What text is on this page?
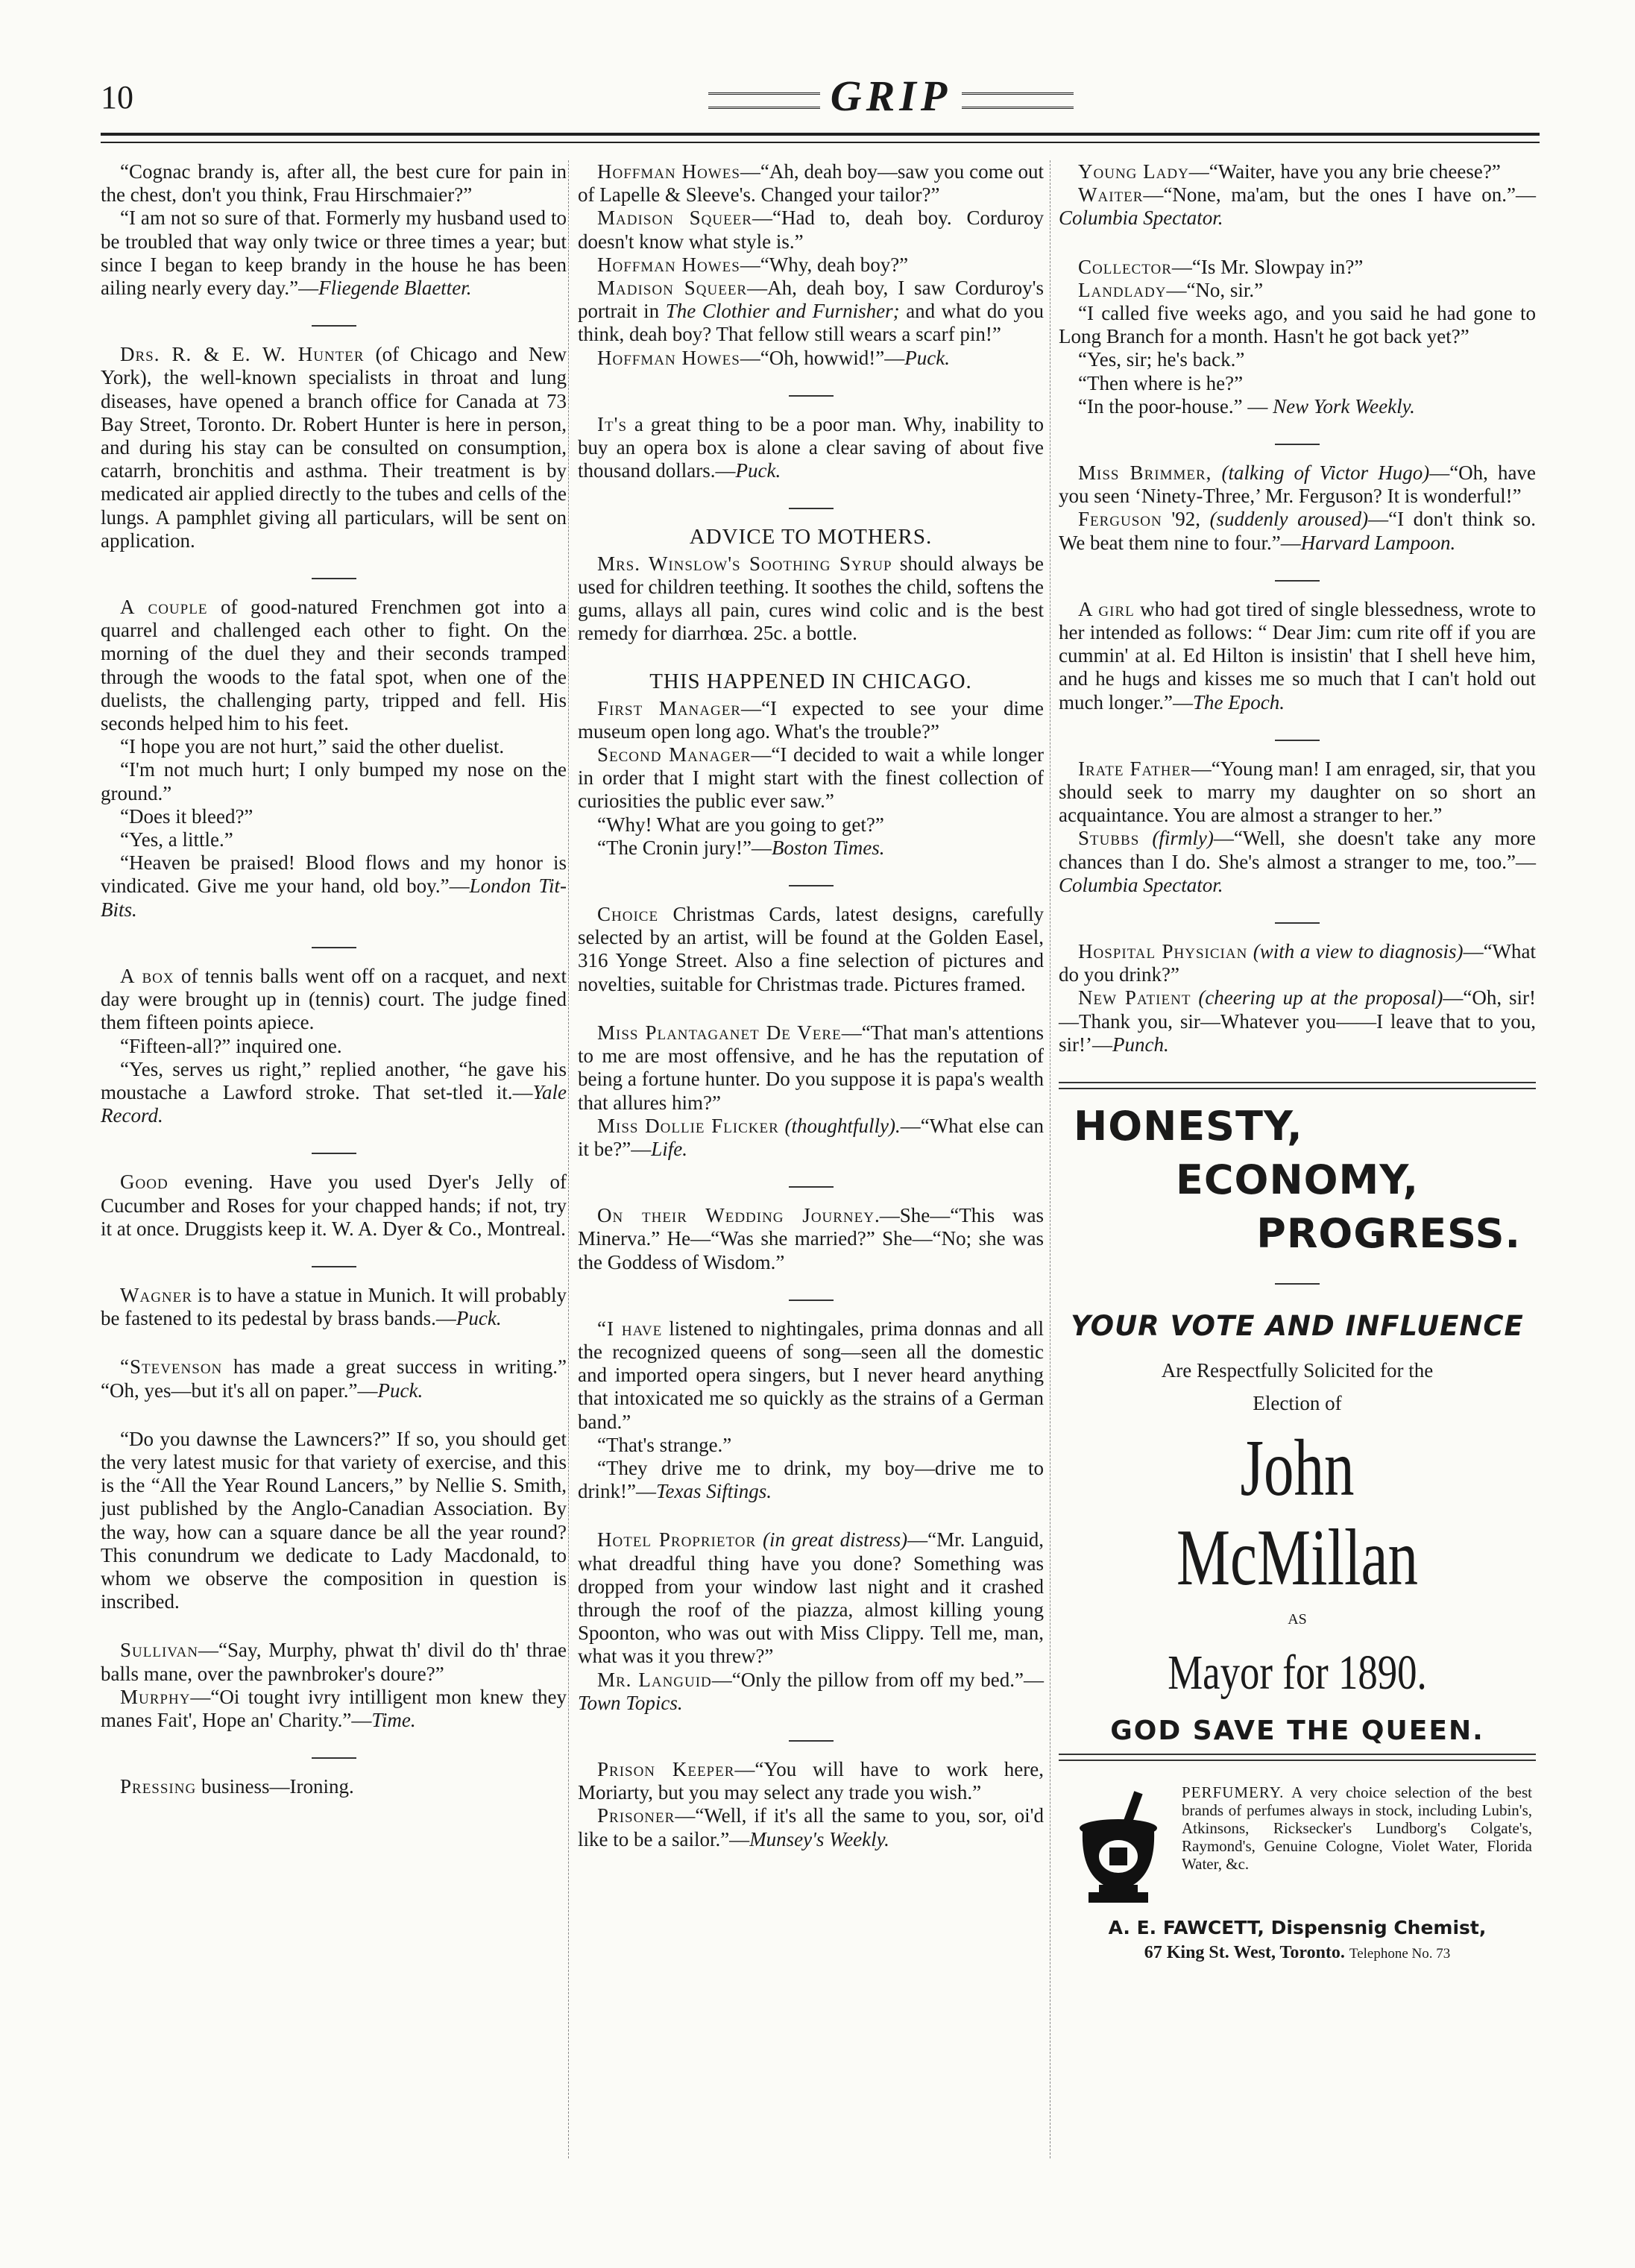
10	GRIP

“Cognac brandy is, after all, the best cure for pain in the chest, don't you think, Frau Hirschmaier?”

“I am not so sure of that. Formerly my husband used to be troubled that way only twice or three times a year; but since I began to keep brandy in the house he has been ailing nearly every day.”—Fliegende Blaetter.

Drs. R. & E. W. Hunter (of Chicago and New York), the well-known specialists in throat and lung diseases, have opened a branch office for Canada at 73 Bay Street, Toronto. Dr. Robert Hunter is here in person, and during his stay can be consulted on consumption, catarrh, bronchitis and asthma. Their treatment is by medicated air applied directly to the tubes and cells of the lungs. A pamphlet giving all particulars, will be sent on application.

A couple of good-natured Frenchmen got into a quarrel and challenged each other to fight. On the morning of the duel they and their seconds tramped through the woods to the fatal spot, when one of the duelists, the challenging party, tripped and fell. His seconds helped him to his feet.

“I hope you are not hurt,” said the other duelist.

“I'm not much hurt; I only bumped my nose on the ground.”

“Does it bleed?”

“Yes, a little.”

“Heaven be praised! Blood flows and my honor is vindicated. Give me your hand, old boy.”—London Tit-Bits.

A box of tennis balls went off on a racquet, and next day were brought up in (tennis) court. The judge fined them fifteen points apiece.

“Fifteen-all?” inquired one.

“Yes, serves us right,” replied another, “he gave his moustache a Lawford stroke. That set-tled it.—Yale Record.

Good evening. Have you used Dyer's Jelly of Cucumber and Roses for your chapped hands; if not, try it at once. Druggists keep it. W. A. Dyer & Co., Montreal.

Wagner is to have a statue in Munich. It will probably be fastened to its pedestal by brass bands.—Puck.

“Stevenson has made a great success in writing.” “Oh, yes—but it's all on paper.”—Puck.

“Do you dawnse the Lawncers?” If so, you should get the very latest music for that variety of exercise, and this is the “All the Year Round Lancers,” by Nellie S. Smith, just published by the Anglo-Canadian Association. By the way, how can a square dance be all the year round? This conundrum we dedicate to Lady Macdonald, to whom we observe the composition in question is inscribed.

Sullivan—“Say, Murphy, phwat th' divil do th' thrae balls mane, over the pawnbroker's doure?”

Murphy—“Oi tought ivry intilligent mon knew they manes Fait', Hope an' Charity.”—Time.

Pressing business—Ironing.

Hoffman Howes—“Ah, deah boy—saw you come out of Lapelle & Sleeve's. Changed your tailor?”

Madison Squeer—“Had to, deah boy. Corduroy doesn't know what style is.”

Hoffman Howes—“Why, deah boy?”

Madison Squeer—Ah, deah boy, I saw Corduroy's portrait in The Clothier and Furnisher; and what do you think, deah boy? That fellow still wears a scarf pin!”

Hoffman Howes—“Oh, howwid!”—Puck.

It's a great thing to be a poor man. Why, inability to buy an opera box is alone a clear saving of about five thousand dollars.—Puck.

ADVICE TO MOTHERS.

Mrs. Winslow's Soothing Syrup should always be used for children teething. It soothes the child, softens the gums, allays all pain, cures wind colic and is the best remedy for diarrhœa. 25c. a bottle.

THIS HAPPENED IN CHICAGO.

First Manager—“I expected to see your dime museum open long ago. What's the trouble?”

Second Manager—“I decided to wait a while longer in order that I might start with the finest collection of curiosities the public ever saw.”

“Why! What are you going to get?”

“The Cronin jury!”—Boston Times.

Choice Christmas Cards, latest designs, carefully selected by an artist, will be found at the Golden Easel, 316 Yonge Street. Also a fine selection of pictures and novelties, suitable for Christmas trade. Pictures framed.

Miss Plantaganet De Vere—“That man's attentions to me are most offensive, and he has the reputation of being a fortune hunter. Do you suppose it is papa's wealth that allures him?”

Miss Dollie Flicker (thoughtfully).—“What else can it be?”—Life.

On their Wedding Journey.—She—“This was Minerva.” He—“Was she married?” She—“No; she was the Goddess of Wisdom.”

“I have listened to nightingales, prima donnas and all the recognized queens of song—seen all the domestic and imported opera singers, but I never heard anything that intoxicated me so quickly as the strains of a German band.”

“That's strange.”

“They drive me to drink, my boy—drive me to drink!”—Texas Siftings.

Hotel Proprietor (in great distress)—“Mr. Languid, what dreadful thing have you done? Something was dropped from your window last night and it crashed through the roof of the piazza, almost killing young Spoonton, who was out with Miss Clippy. Tell me, man, what was it you threw?”

Mr. Languid—“Only the pillow from off my bed.”—Town Topics.

Prison Keeper—“You will have to work here, Moriarty, but you may select any trade you wish.”

Prisoner—“Well, if it's all the same to you, sor, oi'd like to be a sailor.”—Munsey's Weekly.

Young Lady—“Waiter, have you any brie cheese?”

Waiter—“None, ma'am, but the ones I have on.”—Columbia Spectator.

Collector—“Is Mr. Slowpay in?”

Landlady—“No, sir.”

“I called five weeks ago, and you said he had gone to Long Branch for a month. Hasn't he got back yet?”

“Yes, sir; he's back.”

“Then where is he?”

“In the poor-house.” — New York Weekly.

Miss Brimmer, (talking of Victor Hugo)—“Oh, have you seen ‘Ninety-Three,’ Mr. Ferguson? It is wonderful!”

Ferguson '92, (suddenly aroused)—“I don't think so. We beat them nine to four.”—Harvard Lampoon.

A girl who had got tired of single blessedness, wrote to her intended as follows: “ Dear Jim: cum rite off if you are cummin' at al. Ed Hilton is insistin' that I shell heve him, and he hugs and kisses me so much that I can't hold out much longer.”—The Epoch.

Irate Father—“Young man! I am enraged, sir, that you should seek to marry my daughter on so short an acquaintance. You are almost a stranger to her.”

Stubbs (firmly)—“Well, she doesn't take any more chances than I do. She's almost a stranger to me, too.”—Columbia Spectator.

Hospital Physician (with a view to diagnosis)—“What do you drink?”

New Patient (cheering up at the proposal)—“Oh, sir!—Thank you, sir—Whatever you——I leave that to you, sir!’—Punch.

HONESTY,
ECONOMY,
PROGRESS.
YOUR VOTE AND INFLUENCE
Are Respectfully Solicited for the
Election of
John McMillan
AS
Mayor for 1890.
GOD SAVE THE QUEEN.
PERFUMERY. A very choice selection of the best brands of perfumes always in stock, including Lubin's, Atkinsons, Ricksecker's Lundborg's Colgate's, Raymond's, Genuine Cologne, Violet Water, Florida Water, &c.
A. E. FAWCETT, Dispensnig Chemist,
67 King St. West, Toronto. Telephone No. 73
